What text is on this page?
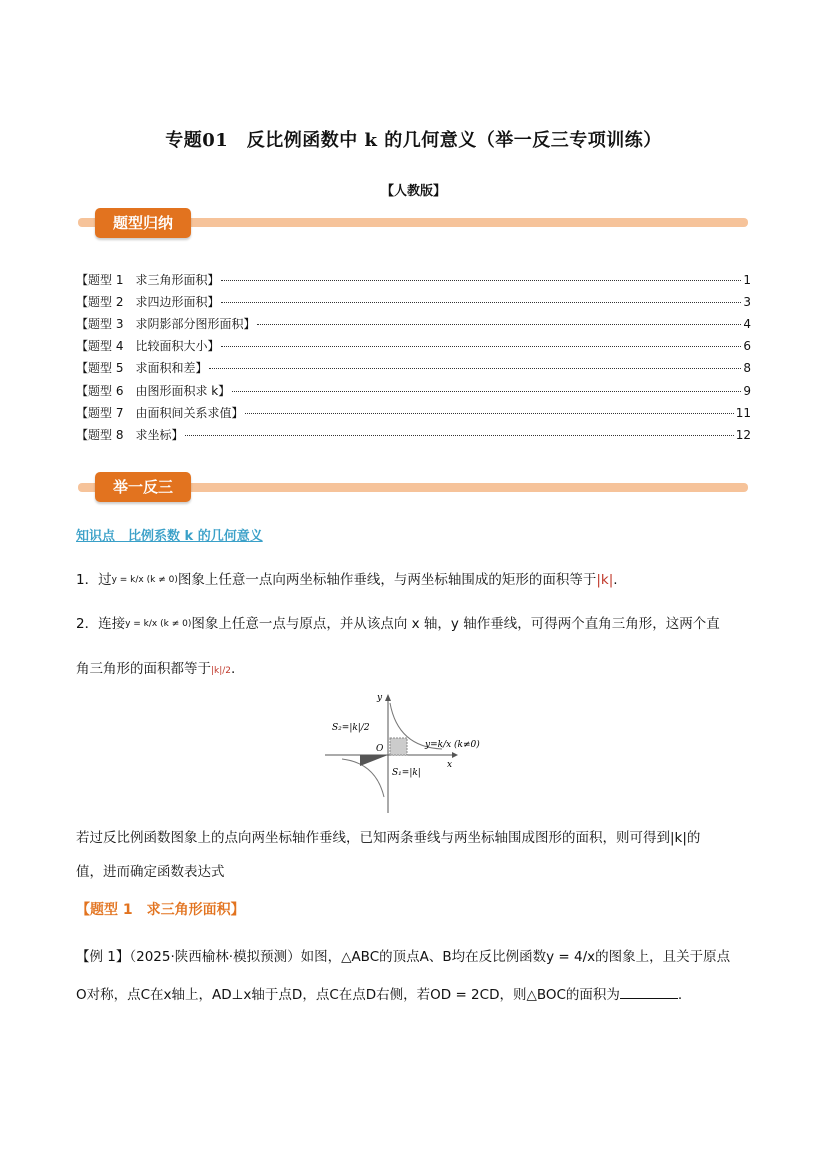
专题01　反比例函数中 k 的几何意义（举一反三专项训练）
【人教版】
题型归纳
【题型 1　求三角形面积】	1
【题型 2　求四边形面积】	3
【题型 3　求阴影部分图形面积】	4
【题型 4　比较面积大小】	6
【题型 5　求面积和差】	8
【题型 6　由图形面积求 k】	9
【题型 7　由面积间关系求值】	11
【题型 8　求坐标】	12
举一反三
知识点　比例系数 k 的几何意义
1．过y = k/x (k ≠ 0)图象上任意一点向两坐标轴作垂线，与两坐标轴围成的矩形的面积等于|k|.
2．连接y = k/x (k ≠ 0)图象上任意一点与原点，并从该点向 x 轴，y 轴作垂线，可得两个直角三角形，这两个直
角三角形的面积都等于|k|/2.
y=k/x (k≠0)
S₂=|k|/2
S₁=|k|
x
y
O
若过反比例函数图象上的点向两坐标轴作垂线，已知两条垂线与两坐标轴围成图形的面积，则可得到|k|的
值，进而确定函数表达式
【题型 1　求三角形面积】
【例 1】（2025·陕西榆林·模拟预测）如图，△ABC的顶点A、B均在反比例函数y = 4/x的图象上，且关于原点
O对称，点C在x轴上，AD⊥x轴于点D，点C在点D右侧，若OD = 2CD，则△BOC的面积为	.
